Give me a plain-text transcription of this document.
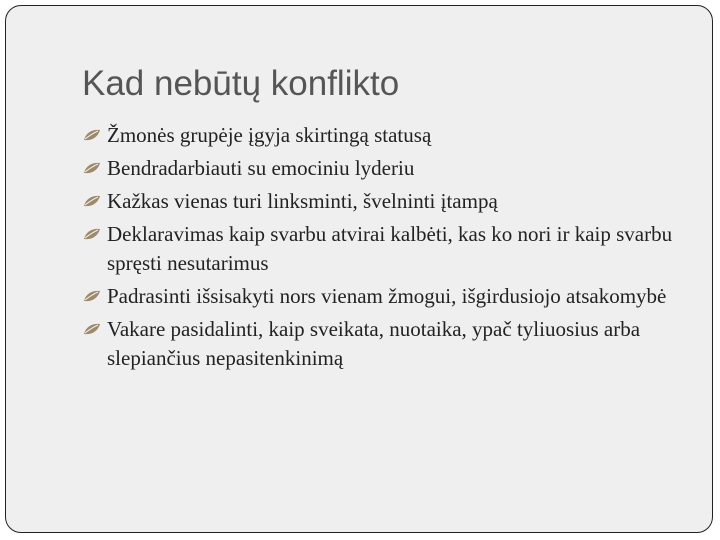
Kad nebūtų konflikto
Žmonės grupėje įgyja skirtingą statusą
Bendradarbiauti su emociniu lyderiu
Kažkas vienas turi linksminti, švelninti įtampą
Deklaravimas kaip svarbu atvirai kalbėti, kas ko nori ir kaip svarbu spręsti nesutarimus
Padrasinti išsisakyti nors vienam žmogui, išgirdusiojo atsakomybė
Vakare pasidalinti, kaip sveikata, nuotaika, ypač tyliuosius arba slepiančius nepasitenkinimą
